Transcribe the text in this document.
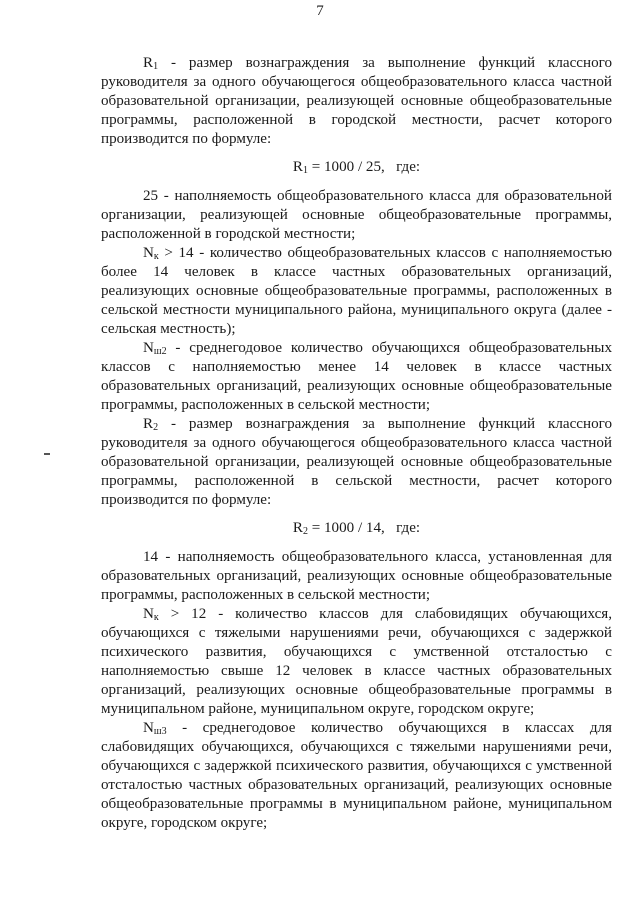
7

$R_1$ - размер вознаграждения за выполнение функций классного руководителя за одного обучающегося общеобразовательного класса частной образовательной организации, реализующей основные общеобразовательные программы, расположенной в городской местности, расчет которого производится по формуле:

$R_1 = 1000 / 25$,   где:

25 - наполняемость общеобразовательного класса для образовательной организации, реализующей основные общеобразовательные программы, расположенной в городской местности;

$N_к > 14$ - количество общеобразовательных классов с наполняемостью более 14 человек в классе частных образовательных организаций, реализующих основные общеобразовательные программы, расположенных в сельской местности муниципального района, муниципального округа (далее - сельская местность);

$N_{ш2}$ - среднегодовое количество обучающихся общеобразовательных классов с наполняемостью менее 14 человек в классе частных образовательных организаций, реализующих основные общеобразовательные программы, расположенных в сельской местности;

$R_2$ - размер вознаграждения за выполнение функций классного руководителя за одного обучающегося общеобразовательного класса частной образовательной организации, реализующей основные общеобразовательные программы, расположенной в сельской местности, расчет которого производится по формуле:

$R_2 = 1000 / 14$,   где:

14 - наполняемость общеобразовательного класса, установленная для образовательных организаций, реализующих основные общеобразовательные программы, расположенных в сельской местности;

$N_к > 12$ - количество классов для слабовидящих обучающихся, обучающихся с тяжелыми нарушениями речи, обучающихся с задержкой психического развития, обучающихся с умственной отсталостью с наполняемостью свыше 12 человек в классе частных образовательных организаций, реализующих основные общеобразовательные программы в муниципальном районе, муниципальном округе, городском округе;

$N_{ш3}$ - среднегодовое количество обучающихся в классах для слабовидящих обучающихся, обучающихся с тяжелыми нарушениями речи, обучающихся с задержкой психического развития, обучающихся с умственной отсталостью частных образовательных организаций, реализующих основные общеобразовательные программы в муниципальном районе, муниципальном округе, городском округе;
